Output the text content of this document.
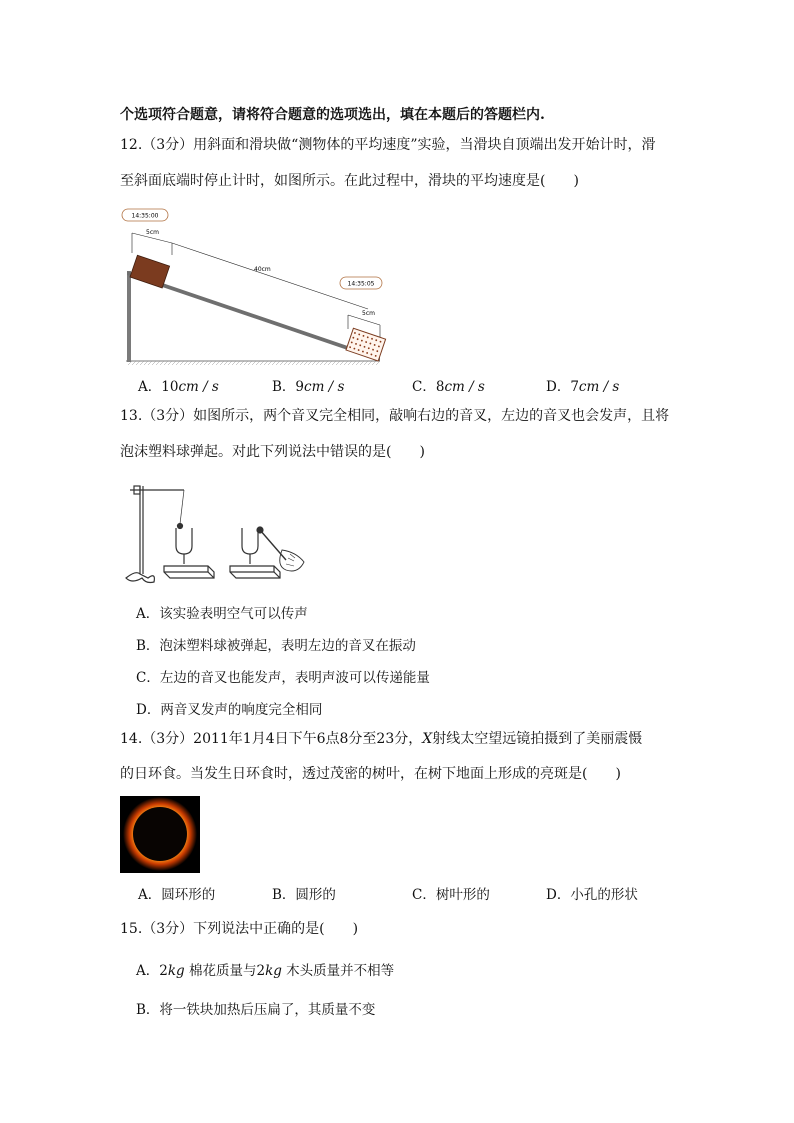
个选项符合题意，请将符合题意的选项选出，填在本题后的答题栏内.
12.（3分）用斜面和滑块做“测物体的平均速度”实验，当滑块自顶端出发开始计时，滑
至斜面底端时停止计时，如图所示。在此过程中，滑块的平均速度是(　　)
14:35:00
14:35:05
5cm
40cm
5cm
A．10cm / s	B．9cm / s	C．8cm / s	D．7cm / s
13.（3分）如图所示，两个音叉完全相同，敲响右边的音叉，左边的音叉也会发声，且将
泡沫塑料球弹起。对此下列说法中错误的是(　　)
A．该实验表明空气可以传声
B．泡沫塑料球被弹起，表明左边的音叉在振动
C．左边的音叉也能发声，表明声波可以传递能量
D．两音叉发声的响度完全相同
14.（3分）2011年1月4日下午6点8分至23分，X射线太空望远镜拍摄到了美丽震慑
的日环食。当发生日环食时，透过茂密的树叶，在树下地面上形成的亮斑是(　　)
A．圆环形的	B．圆形的	C．树叶形的	D．小孔的形状
15.（3分）下列说法中正确的是(　　)
A．2kg 棉花质量与2kg 木头质量并不相等
B．将一铁块加热后压扁了，其质量不变
